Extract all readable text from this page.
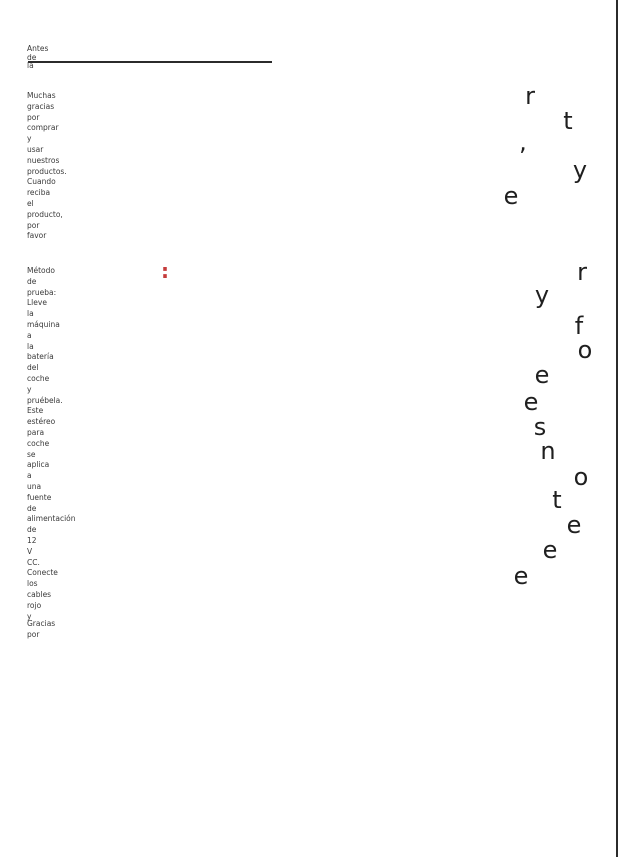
Antes
de
la
Muchas
gracias
por
comprar
y
usar
nuestros
productos.
Cuando
reciba
el
producto,
por
favor
Método
de
prueba:
Lleve
la
máquina
a
la
batería
del
coche
y
pruébela.
Este
estéreo
para
coche
se
aplica
a
una
fuente
de
alimentación
de
12
V
CC.
Conecte
los
cables
rojo
y
Gracias
por
:
r
t
,
y
e
r
y
f
o
e
e
s
n
o
t
e
e
e
